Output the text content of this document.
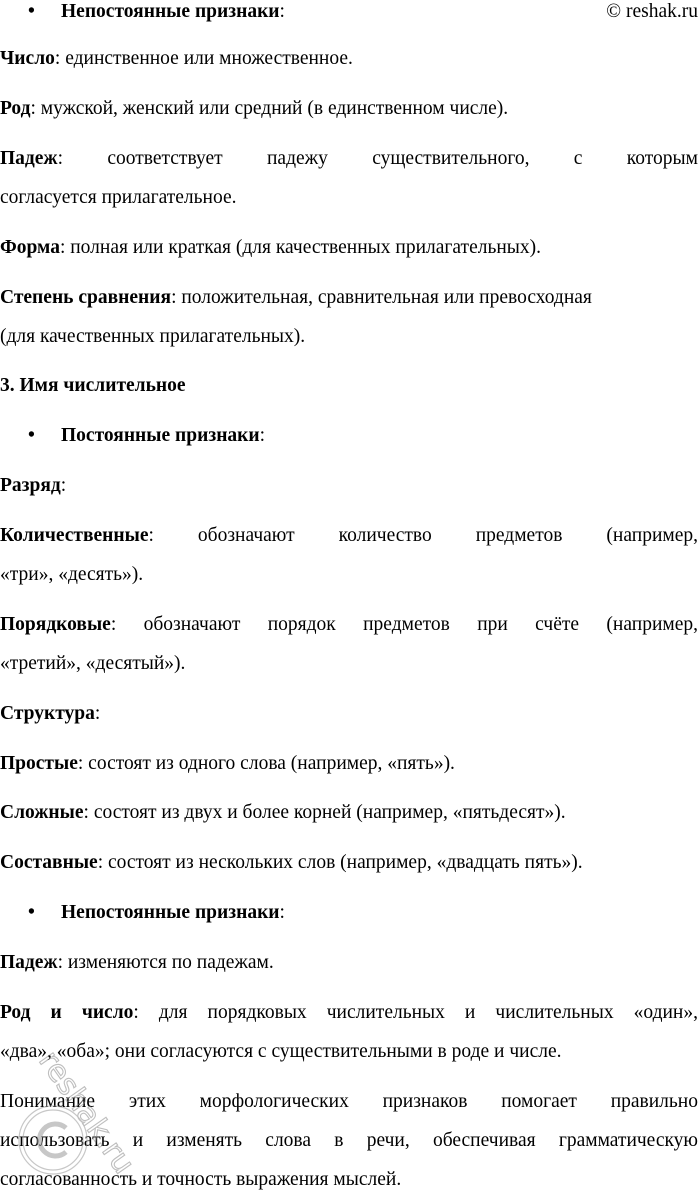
• Непостоянные признаки:	© reshak.ru
Число: единственное или множественное.
Род: мужской, женский или средний (в единственном числе).
Падеж: соответствует падежу существительного, с которым
согласуется прилагательное.
Форма: полная или краткая (для качественных прилагательных).
Степень сравнения: положительная, сравнительная или превосходная
(для качественных прилагательных).
3. Имя числительное
• Постоянные признаки:
Разряд:
Количественные: обозначают количество предметов (например,
«три», «десять»).
Порядковые: обозначают порядок предметов при счёте (например,
«третий», «десятый»).
Структура:
Простые: состоят из одного слова (например, «пять»).
Сложные: состоят из двух и более корней (например, «пятьдесят»).
Составные: состоят из нескольких слов (например, «двадцать пять»).
• Непостоянные признаки:
Падеж: изменяются по падежам.
Род и число: для порядковых числительных и числительных «один»,
«два», «оба»; они согласуются с существительными в роде и числе.
Понимание этих морфологических признаков помогает правильно
использовать и изменять слова в речи, обеспечивая грамматическую
согласованность и точность выражения мыслей.
reshak.ru
